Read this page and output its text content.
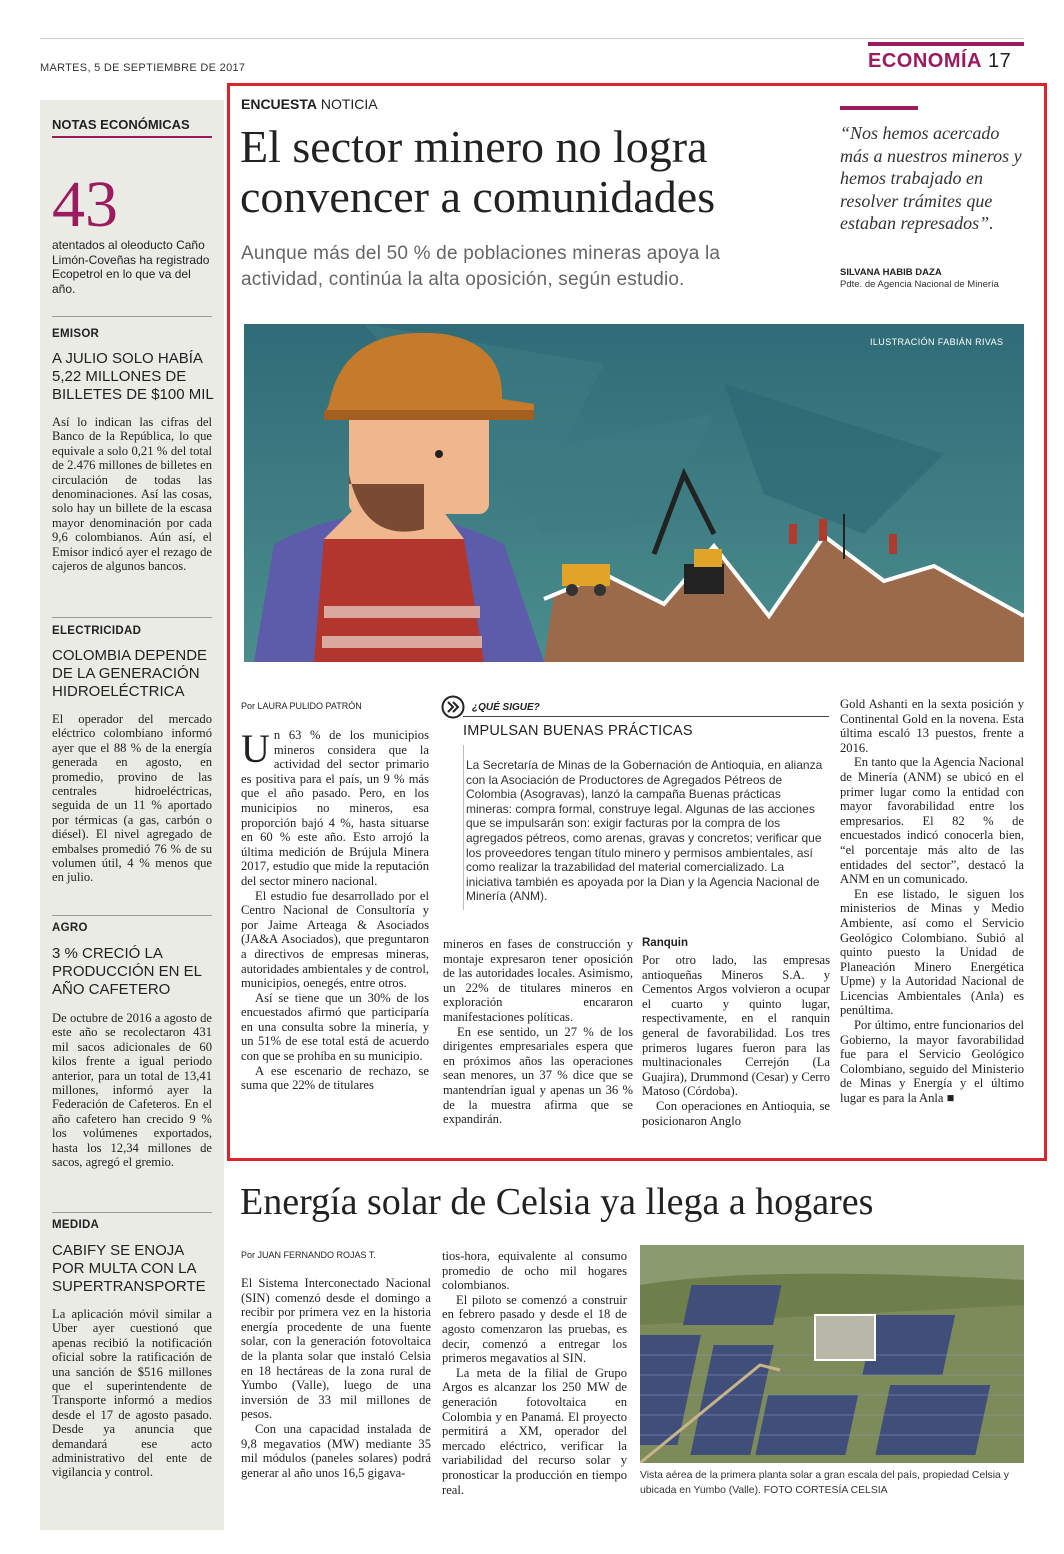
MARTES, 5 DE SEPTIEMBRE DE 2017	ECONOMÍA 17
NOTAS ECONÓMICAS
43
atentados al oleoducto Caño Limón-Coveñas ha registrado Ecopetrol en lo que va del año.
EMISOR
A JULIO SOLO HABÍA 5,22 MILLONES DE BILLETES DE $100 MIL
Así lo indican las cifras del Banco de la República, lo que equivale a solo 0,21 % del total de 2.476 millones de billetes en circulación de todas las denominaciones. Así las cosas, solo hay un billete de la escasa mayor denominación por cada 9,6 colombianos. Aún así, el Emisor indicó ayer el rezago de cajeros de algunos bancos.
ELECTRICIDAD
COLOMBIA DEPENDE DE LA GENERACIÓN HIDROELÉCTRICA
El operador del mercado eléctrico colombiano informó ayer que el 88 % de la energía generada en agosto, en promedio, provino de las centrales hidroeléctricas, seguida de un 11 % aportado por térmicas (a gas, carbón o diésel). El nivel agregado de embalses promedió 76 % de su volumen útil, 4 % menos que en julio.
AGRO
3 % CRECIÓ LA PRODUCCIÓN EN EL AÑO CAFETERO
De octubre de 2016 a agosto de este año se recolectaron 431 mil sacos adicionales de 60 kilos frente a igual periodo anterior, para un total de 13,41 millones, informó ayer la Federación de Cafeteros. En el año cafetero han crecido 9 % los volúmenes exportados, hasta los 12,34 millones de sacos, agregó el gremio.
MEDIDA
CABIFY SE ENOJA POR MULTA CON LA SUPERTRANSPORTE
La aplicación móvil similar a Uber ayer cuestionó que apenas recibió la notificación oficial sobre la ratificación de una sanción de $516 millones que el superintendente de Transporte informó a medios desde el 17 de agosto pasado. Desde ya anuncia que demandará ese acto administrativo del ente de vigilancia y control.
ENCUESTA NOTICIA
El sector minero no logra convencer a comunidades
Aunque más del 50 % de poblaciones mineras apoya la actividad, continúa la alta oposición, según estudio.
“Nos hemos acercado más a nuestros mineros y hemos trabajado en resolver trámites que estaban represados”.
SILVANA HABIB DAZA
Pdte. de Agencia Nacional de Minería
ILUSTRACIÓN FABIÁN RIVAS
Por LAURA PULIDO PATRÓN
U n 63 % de los municipios mineros considera que la actividad del sector primario es positiva para el país, un 9 % más que el año pasado. Pero, en los municipios no mineros, esa proporción bajó 4 %, hasta situarse en 60 % este año. Esto arrojó la última medición de Brújula Minera 2017, estudio que mide la reputación del sector minero nacional.

El estudio fue desarrollado por el Centro Nacional de Consultoría y por Jaime Arteaga & Asociados (JA&A Asociados), que preguntaron a directivos de empresas mineras, autoridades ambientales y de control, municipios, oenegés, entre otros.

Así se tiene que un 30% de los encuestados afirmó que participaría en una consulta sobre la minería, y un 51% de ese total está de acuerdo con que se prohíba en su municipio.

A ese escenario de rechazo, se suma que 22% de titulares

¿QUÉ SIGUE?
IMPULSAN BUENAS PRÁCTICAS
La Secretaría de Minas de la Gobernación de Antioquia, en alianza con la Asociación de Productores de Agregados Pétreos de Colombia (Asogravas), lanzó la campaña Buenas prácticas mineras: compra formal, construye legal. Algunas de las acciones que se impulsarán son: exigir facturas por la compra de los agregados pétreos, como arenas, gravas y concretos; verificar que los proveedores tengan título minero y permisos ambientales, así como realizar la trazabilidad del material comercializado. La iniciativa también es apoyada por la Dian y la Agencia Nacional de Minería (ANM).

mineros en fases de construcción y montaje expresaron tener oposición de las autoridades locales. Asimismo, un 22% de titulares mineros en exploración encararon manifestaciones políticas.

En ese sentido, un 27 % de los dirigentes empresariales espera que en próximos años las operaciones sean menores, un 37 % dice que se mantendrían igual y apenas un 36 % de la muestra afirma que se expandirán.

Ranquin

Por otro lado, las empresas antioqueñas Mineros S.A. y Cementos Argos volvieron a ocupar el cuarto y quinto lugar, respectivamente, en el ranquin general de favorabilidad. Los tres primeros lugares fueron para las multinacionales Cerrejón (La Guajira), Drummond (Cesar) y Cerro Matoso (Córdoba).

Con operaciones en Antioquia, se posicionaron Anglo

Gold Ashanti en la sexta posición y Continental Gold en la novena. Esta última escaló 13 puestos, frente a 2016.

En tanto que la Agencia Nacional de Minería (ANM) se ubicó en el primer lugar como la entidad con mayor favorabilidad entre los empresarios. El 82 % de encuestados indicó conocerla bien, “el porcentaje más alto de las entidades del sector”, destacó la ANM en un comunicado.

En ese listado, le siguen los ministerios de Minas y Medio Ambiente, así como el Servicio Geológico Colombiano. Subió al quinto puesto la Unidad de Planeación Minero Energética Upme) y la Autoridad Nacional de Licencias Ambientales (Anla) es penúltima.

Por último, entre funcionarios del Gobierno, la mayor favorabilidad fue para el Servicio Geológico Colombiano, seguido del Ministerio de Minas y Energía y el último lugar es para la Anla ■

Energía solar de Celsia ya llega a hogares
Por JUAN FERNANDO ROJAS T.

El Sistema Interconectado Nacional (SIN) comenzó desde el domingo a recibir por primera vez en la historia energía procedente de una fuente solar, con la generación fotovoltaica de la planta solar que instaló Celsia en 18 hectáreas de la zona rural de Yumbo (Valle), luego de una inversión de 33 mil millones de pesos.

Con una capacidad instalada de 9,8 megavatios (MW) mediante 35 mil módulos (paneles solares) podrá generar al año unos 16,5 gigava-

tios-hora, equivalente al consumo promedio de ocho mil hogares colombianos.

El piloto se comenzó a construir en febrero pasado y desde el 18 de agosto comenzaron las pruebas, es decir, comenzó a entregar los primeros megavatios al SIN.

La meta de la filial de Grupo Argos es alcanzar los 250 MW de generación fotovoltaica en Colombia y en Panamá. El proyecto permitirá a XM, operador del mercado eléctrico, verificar la variabilidad del recurso solar y pronosticar la producción en tiempo real.

Vista aérea de la primera planta solar a gran escala del país, propiedad Celsia y ubicada en Yumbo (Valle). FOTO CORTESÍA CELSIA
